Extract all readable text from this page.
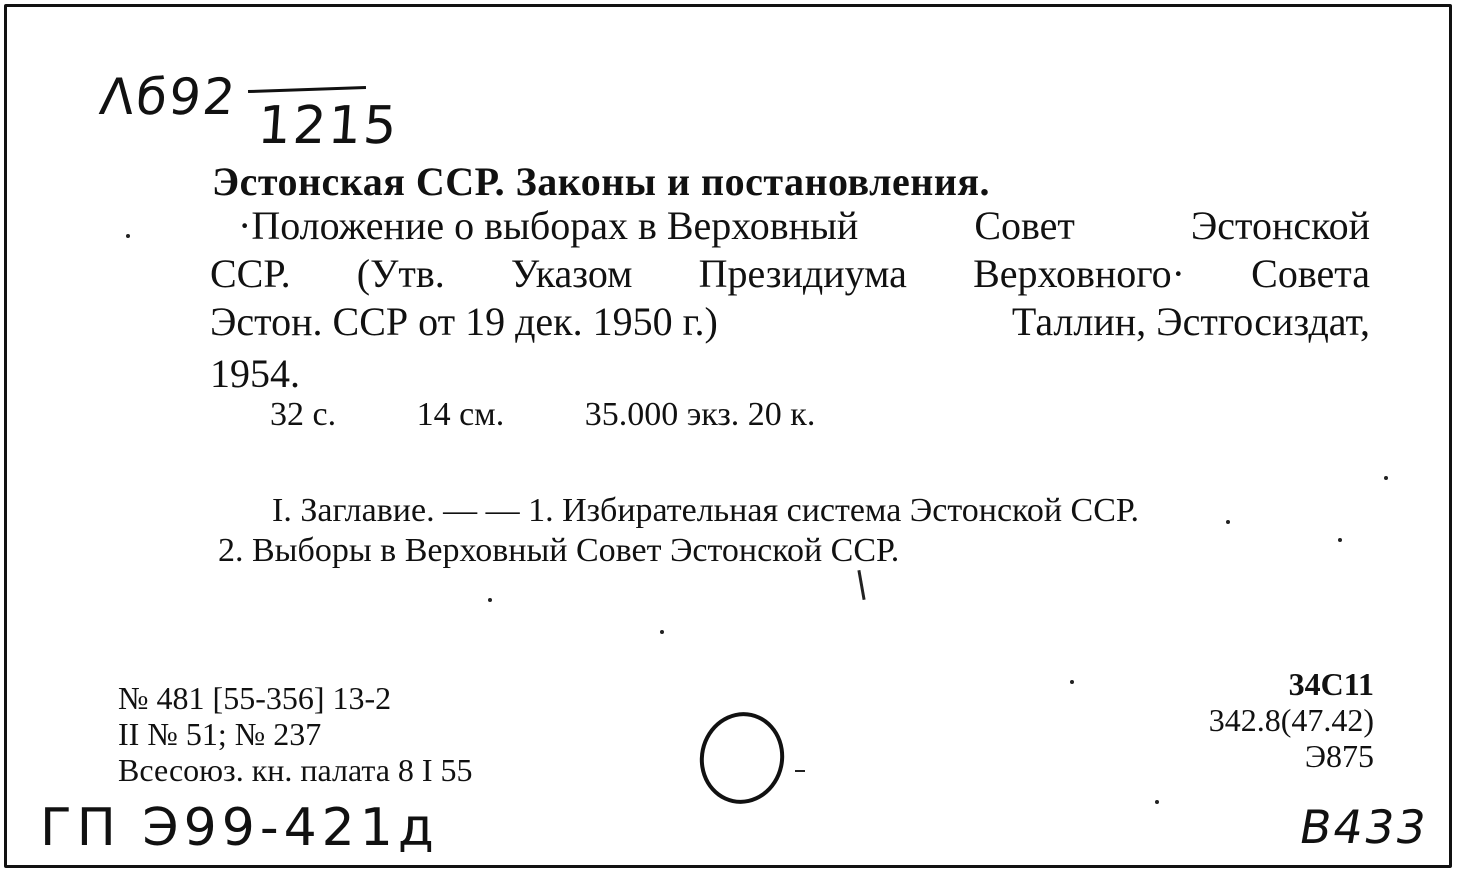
Λб92 1215
Эстонская ССР. Законы и постановления.
·Положение о выборах в Верховный	Совет	Эстонской
ССР. (Утв. Указом Президиума Верховного· Совета
Эстон. ССР от 19 дек. 1950 г.)	Таллин, Эстгосиздат,
1954.
32 с. 14 см. 35.000 экз. 20 к.
I. Заглавие. — — 1. Избирательная система Эстонской ССР.
2. Выборы в Верховный Совет Эстонской ССР.
№ 481 [55-356] 13-2
II № 51; № 237
Всесоюз. кн. палата 8 I 55
34С11
342.8(47.42)
Э875
ГП Э99-421д	В433
